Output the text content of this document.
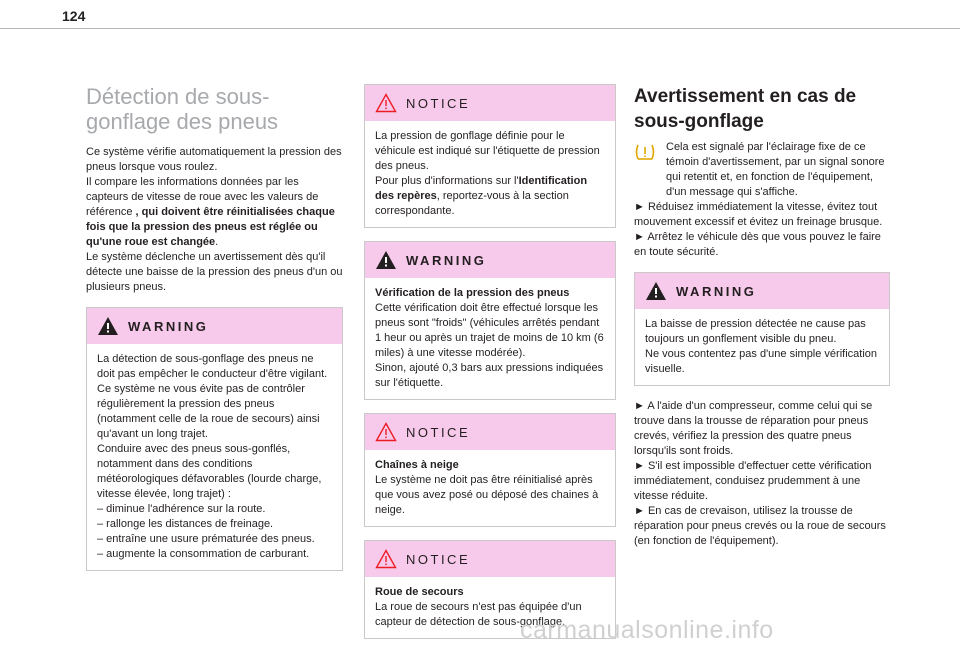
124
Détection de sous-
gonflage des pneus

Ce système vérifie automatiquement la pression des pneus lorsque vous roulez.
Il compare les informations données par les capteurs de vitesse de roue avec les valeurs de référence , qui doivent être réinitialisées chaque fois que la pression des pneus est réglée ou qu'une roue est changée.
Le système déclenche un avertissement dès qu'il détecte une baisse de la pression des pneus d'un ou plusieurs pneus.

WARNING

La détection de sous-gonflage des pneus ne doit pas empêcher le conducteur d'être vigilant.

Ce système ne vous évite pas de contrôler régulièrement la pression des pneus (notamment celle de la roue de secours) ainsi qu'avant un long trajet.

Conduire avec des pneus sous-gonflés, notamment dans des conditions météorologiques défavorables (lourde charge, vitesse élevée, long trajet) :

– diminue l'adhérence sur la route.

– rallonge les distances de freinage.

– entraîne une usure prématurée des pneus.

– augmente la consommation de carburant.

NOTICE

La pression de gonflage définie pour le véhicule est indiqué sur l'étiquette de pression des pneus.

Pour plus d'informations sur l'Identification des repères, reportez-vous à la section correspondante.

WARNING

Vérification de la pression des pneus

Cette vérification doit être effectué lorsque les pneus sont "froids" (véhicules arrêtés pendant 1 heur ou après un trajet de moins de 10 km (6 miles) à une vitesse modérée).

Sinon, ajouté 0,3 bars aux pressions indiquées sur l'étiquette.

NOTICE

Chaînes à neige

Le système ne doit pas être réinitialisé après que vous avez posé ou déposé des chaines à neige.

NOTICE

Roue de secours

La roue de secours n'est pas équipée d'un capteur de détection de sous-gonflage.

Avertissement en cas de
sous-gonflage

Cela est signalé par l'éclairage fixe de ce témoin d'avertissement, par un signal sonore qui retentit et, en fonction de l'équipement, d'un message qui s'affiche.

► Réduisez immédiatement la vitesse, évitez tout mouvement excessif et évitez un freinage brusque.

► Arrêtez le véhicule dès que vous pouvez le faire en toute sécurité.

WARNING

La baisse de pression détectée ne cause pas toujours un gonflement visible du pneu.

Ne vous contentez pas d'une simple vérification visuelle.

► A l'aide d'un compresseur, comme celui qui se trouve dans la trousse de réparation pour pneus crevés, vérifiez la pression des quatre pneus lorsqu'ils sont froids.

► S'il est impossible d'effectuer cette vérification immédiatement, conduisez prudemment à une vitesse réduite.

► En cas de crevaison, utilisez la trousse de réparation pour pneus crevés ou la roue de secours (en fonction de l'équipement).

carmanualsonline.info
